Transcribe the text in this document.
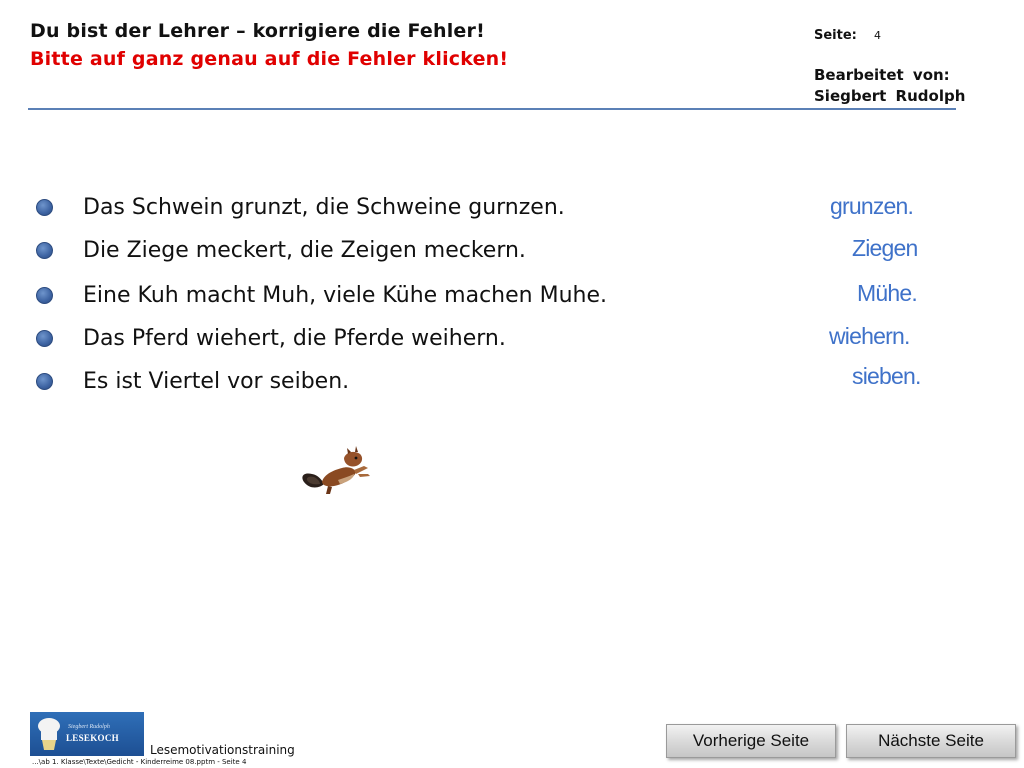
Du bist der Lehrer – korrigiere die Fehler!
Bitte auf ganz genau auf die Fehler klicken!
Seite: 4
Bearbeitet von:
Siegbert Rudolph
Das Schwein grunzt, die Schweine gurnzen.
Die Ziege meckert, die Zeigen meckern.
Eine Kuh macht Muh, viele Kühe machen Muhe.
Das Pferd wiehert, die Pferde weihern.
Es ist Viertel vor seiben.
grunzen.
Ziegen
Mühe.
wiehern.
sieben.
Siegbert Rudolph
LESEKOCH
Lesemotivationstraining
...\ab 1. Klasse\Texte\Gedicht - Kinderreime 08.pptm - Seite 4
Vorherige Seite	Nächste Seite
